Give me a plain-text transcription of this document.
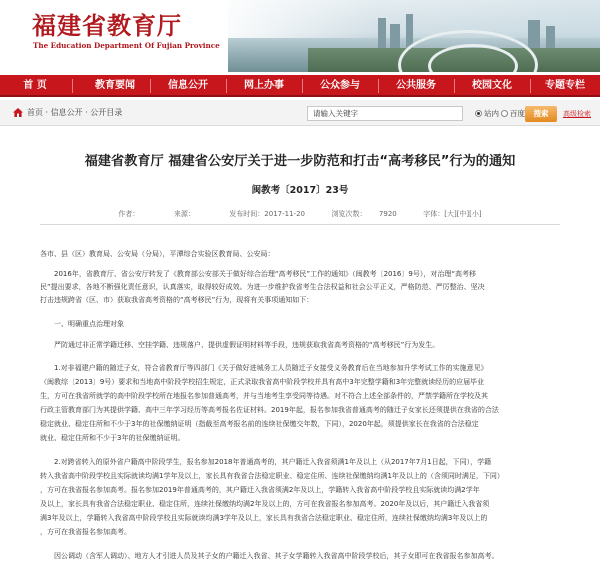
福建省教育厅
The Education Department Of Fujian Province
首 页	教育要闻	信息公开	网上办事	公众参与	公共服务	校园文化	专题专栏
首页 · 信息公开 · 公开目录	请输入关键字	站内 百度	搜索	高级检索
福建省教育厅 福建省公安厅关于进一步防范和打击“高考移民”行为的通知
闽教考〔2017〕23号
作者：	来源：	发布时间：2017-11-20	浏览次数： 7920	字体：[大][中][小]
各市、县（区）教育局、公安局（分局），平潭综合实验区教育局、公安局：
2016年，省教育厅、省公安厅转发了《教育部公安部关于做好综合治理“高考移民”工作的通知》（闽教考〔2016〕9号），对治理“高考移
民”提出要求，各地不断强化责任意识，认真落实，取得较好成效。为进一步维护我省考生合法权益和社会公平正义，严格防范、严厉整治、坚决
打击违规跨省（区、市）获取我省高考资格的“高考移民”行为，现将有关事项通知如下：
一、明确重点治理对象
严防通过非正常学籍迁移、空挂学籍、违规落户、提供虚假证明材料等手段，违规获取我省高考资格的“高考移民”行为发生。
1.对非福建户籍的随迁子女，符合省教育厅等四部门《关于做好进城务工人员随迁子女接受义务教育后在当地参加升学考试工作的实施意见》
（闽教综〔2013〕9号）要求和当地高中阶段学校招生规定，正式录取我省高中阶段学校并具有高中3年完整学籍和3年完整就读经历的应届毕业
生，方可在我省所就学的高中阶段学校所在地报名参加普通高考，并与当地考生享受同等待遇。对不符合上述全部条件的，严禁学籍所在学校及其
行政主管教育部门为其提供学籍、高中三年学习经历等高考报名佐证材料。2019年起，报名参加我省普通高考的随迁子女家长还须提供在我省的合法
稳定就业、稳定住所和不少于3年的社保缴纳证明（指截至高考报名前的连续社保缴交年数，下同），2020年起，须提供家长在我省的合法稳定
就业、稳定住所和不少于3年的社保缴纳证明。
2.对跨省转入的原外省户籍高中阶段学生，报名参加2018年普通高考的，其户籍迁入我省须满1年及以上（从2017年7月1日起，下同），学籍
转入我省高中阶段学校且实际就读均满1学年及以上，家长具有我省合法稳定职业、稳定住所、连续社保缴纳均满1年及以上的（含须同时满足，下同）
，方可在我省报名参加高考。报名参加2019年普通高考的，其户籍迁入我省须满2年及以上，学籍转入我省高中阶段学校且实际就读均满2学年
及以上，家长具有我省合法稳定职业、稳定住所，连续社保缴纳均满2年及以上的，方可在我省报名参加高考。2020年及以后，其户籍迁入我省须
满3年及以上，学籍转入我省高中阶段学校且实际就读均满3学年及以上，家长具有我省合法稳定职业、稳定住所，连续社保缴纳均满3年及以上的
，方可在我省报名参加高考。
因公调动（含军人调动）、地方人才引进人员及其子女的户籍迁入我省、其子女学籍转入我省高中阶段学校后，其子女即可在我省报名参加高考。
